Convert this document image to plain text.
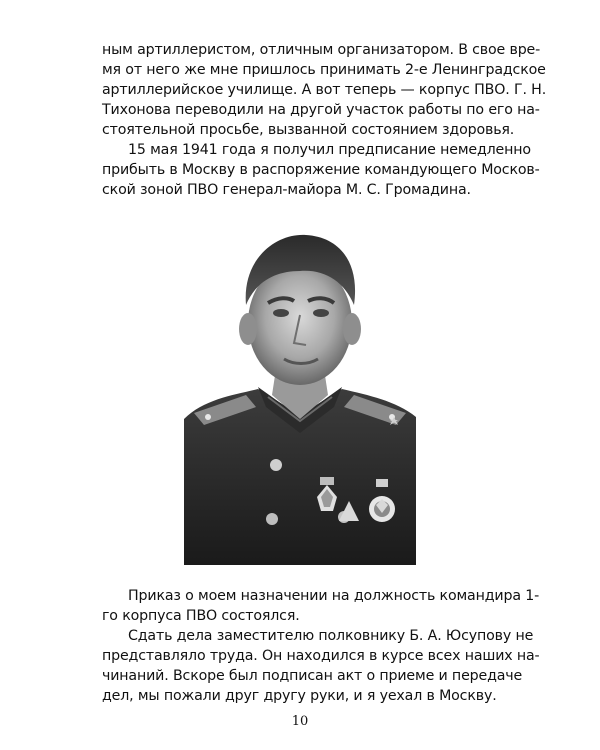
ным артиллеристом, отличным организатором. В свое вре-
мя от него же мне пришлось принимать 2-е Ленинградское
артиллерийское училище. А вот теперь — корпус ПВО. Г. Н.
Тихонова переводили на другой участок работы по его на-
стоятельной просьбе, вызванной состоянием здоровья.
15 мая 1941 года я получил предписание немедленно
прибыть в Москву в распоряжение командующего Москов-
ской зоной ПВО генерал-майора М. С. Громадина.
Приказ о моем назначении на должность командира 1-
го корпуса ПВО состоялся.
Сдать дела заместителю полковнику Б. А. Юсупову не
представляло труда. Он находился в курсе всех наших на-
чинаний. Вскоре был подписан акт о приеме и передаче
дел, мы пожали друг другу руки, и я уехал в Москву.
10
